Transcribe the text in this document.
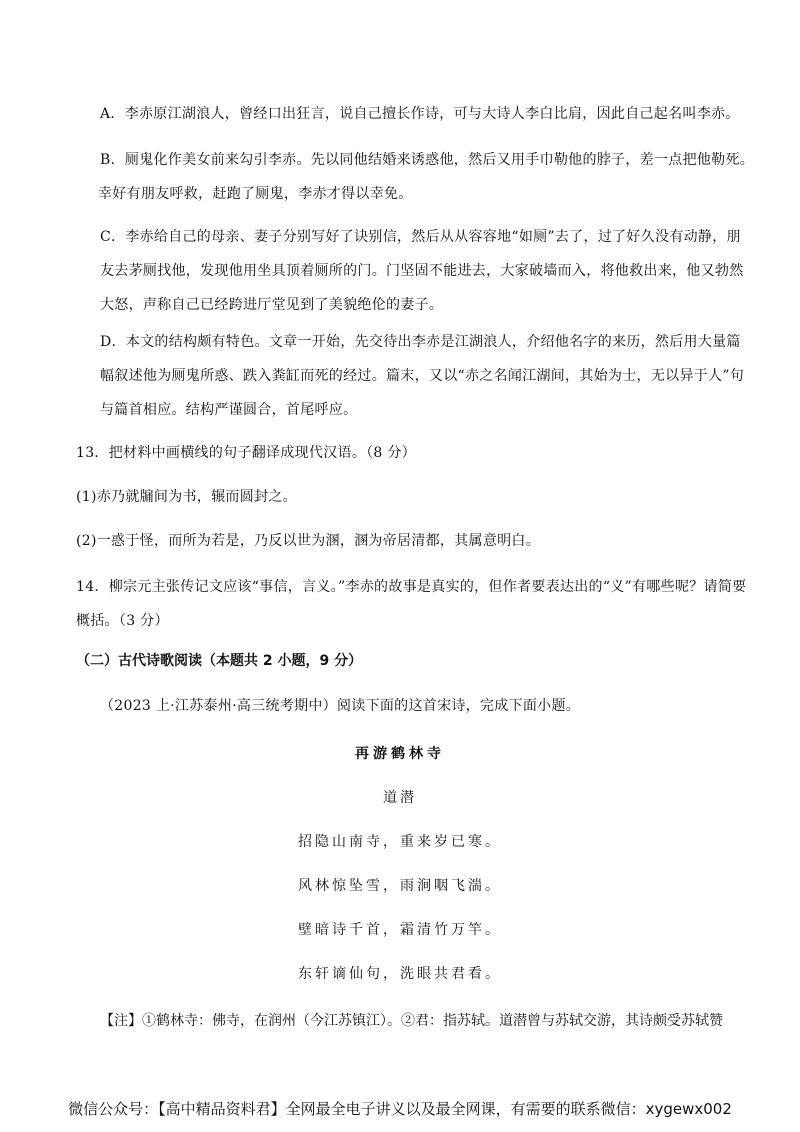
A．李赤原江湖浪人，曾经口出狂言，说自己擅长作诗，可与大诗人李白比肩，因此自己起名叫李赤。
B．厕鬼化作美女前来勾引李赤。先以同他结婚来诱惑他，然后又用手巾勒他的脖子，差一点把他勒死。
幸好有朋友呼救，赶跑了厕鬼，李赤才得以幸免。
C．李赤给自己的母亲、妻子分别写好了诀别信，然后从从容容地“如厕”去了，过了好久没有动静，朋
友去茅厕找他，发现他用坐具顶着厕所的门。门坚固不能进去，大家破墙而入，将他救出来，他又勃然
大怒，声称自己已经跨进厅堂见到了美貌绝伦的妻子。
D．本文的结构颇有特色。文章一开始，先交待出李赤是江湖浪人，介绍他名字的来历，然后用大量篇
幅叙述他为厕鬼所惑、跌入粪缸而死的经过。篇末，又以“赤之名闻江湖间，其始为士，无以异于人”句
与篇首相应。结构严谨圆合，首尾呼应。
13．把材料中画横线的句子翻译成现代汉语。（8 分）
(1)赤乃就牖间为书，辗而圆封之。
(2)一惑于怪，而所为若是，乃反以世为溷，溷为帝居清都，其属意明白。
14．柳宗元主张传记文应该“事信，言义。”李赤的故事是真实的，但作者要表达出的“义”有哪些呢？请简要
概括。（3 分）
（二）古代诗歌阅读（本题共 2 小题，9 分）
（2023 上·江苏泰州·高三统考期中）阅读下面的这首宋诗，完成下面小题。
再游鹤林寺
道潜
招隐山南寺，重来岁已寒。
风林惊坠雪，雨涧咽飞湍。
壁暗诗千首，霜清竹万竿。
东轩谪仙句，洗眼共君看。
【注】①鹤林寺：佛寺，在润州（今江苏镇江）。②君：指苏轼。道潜曾与苏轼交游，其诗颇受苏轼赞
微信公众号：【高中精品资料君】全网最全电子讲义以及最全网课，有需要的联系微信：xygewx002
